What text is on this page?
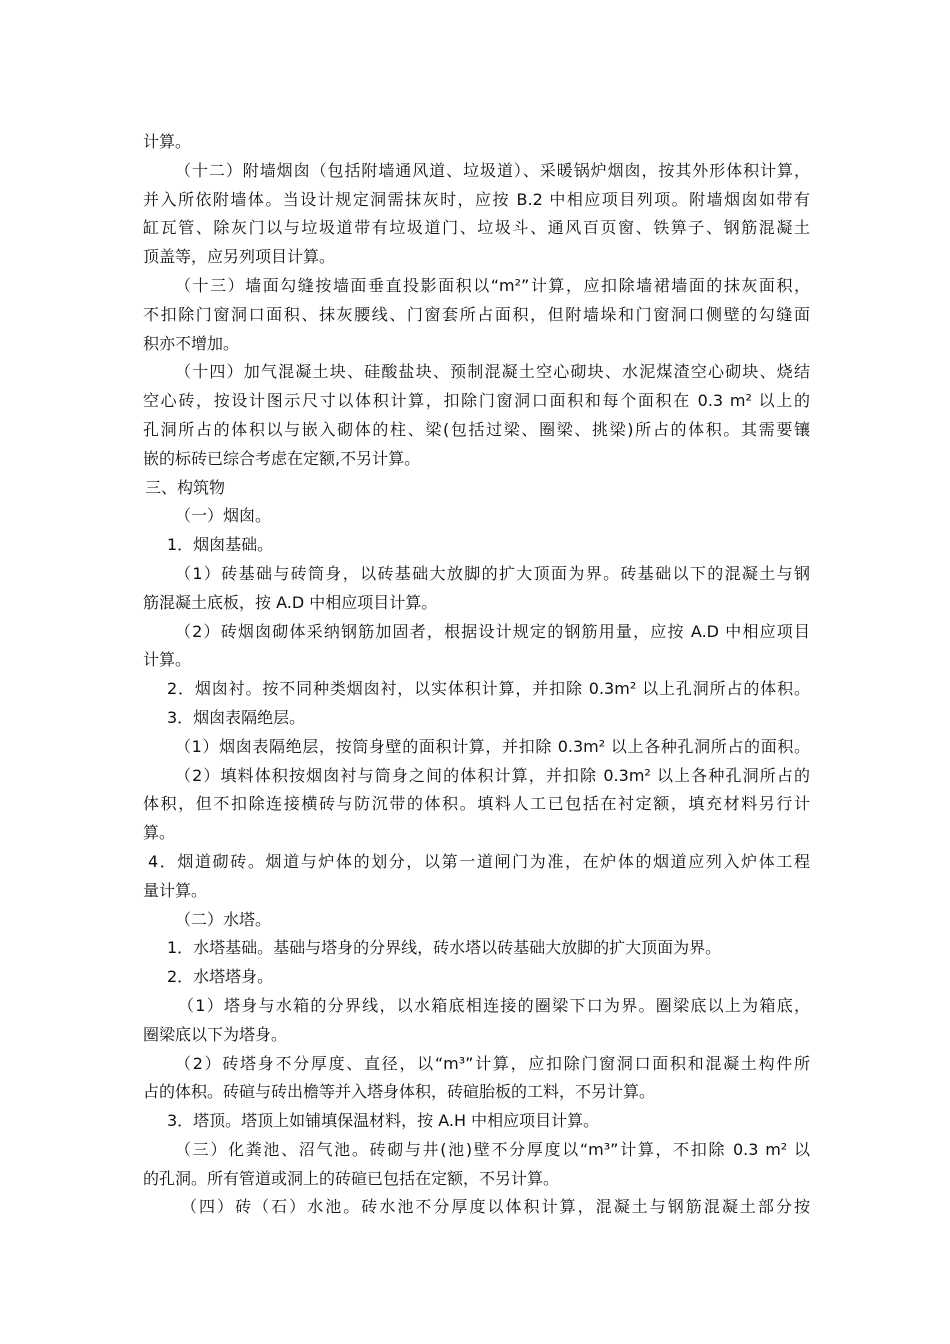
计算。
（十二）附墙烟囱（包括附墙通风道、垃圾道）、采暖锅炉烟囱，按其外形体积计算，
并入所依附墙体。当设计规定洞需抹灰时，应按 B.2 中相应项目列项。附墙烟囱如带有
缸瓦管、除灰门以与垃圾道带有垃圾道门、垃圾斗、通风百页窗、铁箅子、钢筋混凝土
顶盖等，应另列项目计算。
（十三）墙面勾缝按墙面垂直投影面积以“m²”计算，应扣除墙裙墙面的抹灰面积，
不扣除门窗洞口面积、抹灰腰线、门窗套所占面积，但附墙垛和门窗洞口侧壁的勾缝面
积亦不增加。
（十四）加气混凝土块、硅酸盐块、预制混凝土空心砌块、水泥煤渣空心砌块、烧结
空心砖，按设计图示尺寸以体积计算，扣除门窗洞口面积和每个面积在 0.3 m² 以上的
孔洞所占的体积以与嵌入砌体的柱、梁(包括过梁、圈梁、挑梁)所占的体积。其需要镶
嵌的标砖已综合考虑在定额,不另计算。
三、构筑物
（一）烟囱。
1．烟囱基础。
（1）砖基础与砖筒身，以砖基础大放脚的扩大顶面为界。砖基础以下的混凝土与钢
筋混凝土底板，按 A.D 中相应项目计算。
（2）砖烟囱砌体采纳钢筋加固者，根据设计规定的钢筋用量，应按 A.D 中相应项目
计算。
2．烟囱衬。按不同种类烟囱衬，以实体积计算，并扣除 0.3m² 以上孔洞所占的体积。
3．烟囱表隔绝层。
（1）烟囱表隔绝层，按筒身壁的面积计算，并扣除 0.3m² 以上各种孔洞所占的面积。
（2）填料体积按烟囱衬与筒身之间的体积计算，并扣除 0.3m² 以上各种孔洞所占的
体积，但不扣除连接横砖与防沉带的体积。填料人工已包括在衬定额，填充材料另行计
算。
4．烟道砌砖。烟道与炉体的划分，以第一道闸门为准，在炉体的烟道应列入炉体工程
量计算。
（二）水塔。
1．水塔基础。基础与塔身的分界线，砖水塔以砖基础大放脚的扩大顶面为界。
2．水塔塔身。
（1）塔身与水箱的分界线，以水箱底相连接的圈梁下口为界。圈梁底以上为箱底，
圈梁底以下为塔身。
（2）砖塔身不分厚度、直径，以“m³”计算，应扣除门窗洞口面积和混凝土构件所
占的体积。砖碹与砖出檐等并入塔身体积，砖碹胎板的工料，不另计算。
3．塔顶。塔顶上如铺填保温材料，按 A.H 中相应项目计算。
（三）化粪池、沼气池。砖砌与井(池)壁不分厚度以“m³”计算，不扣除 0.3 m² 以
的孔洞。所有管道或洞上的砖碹已包括在定额，不另计算。
（四）砖（石）水池。砖水池不分厚度以体积计算，混凝土与钢筋混凝土部分按
